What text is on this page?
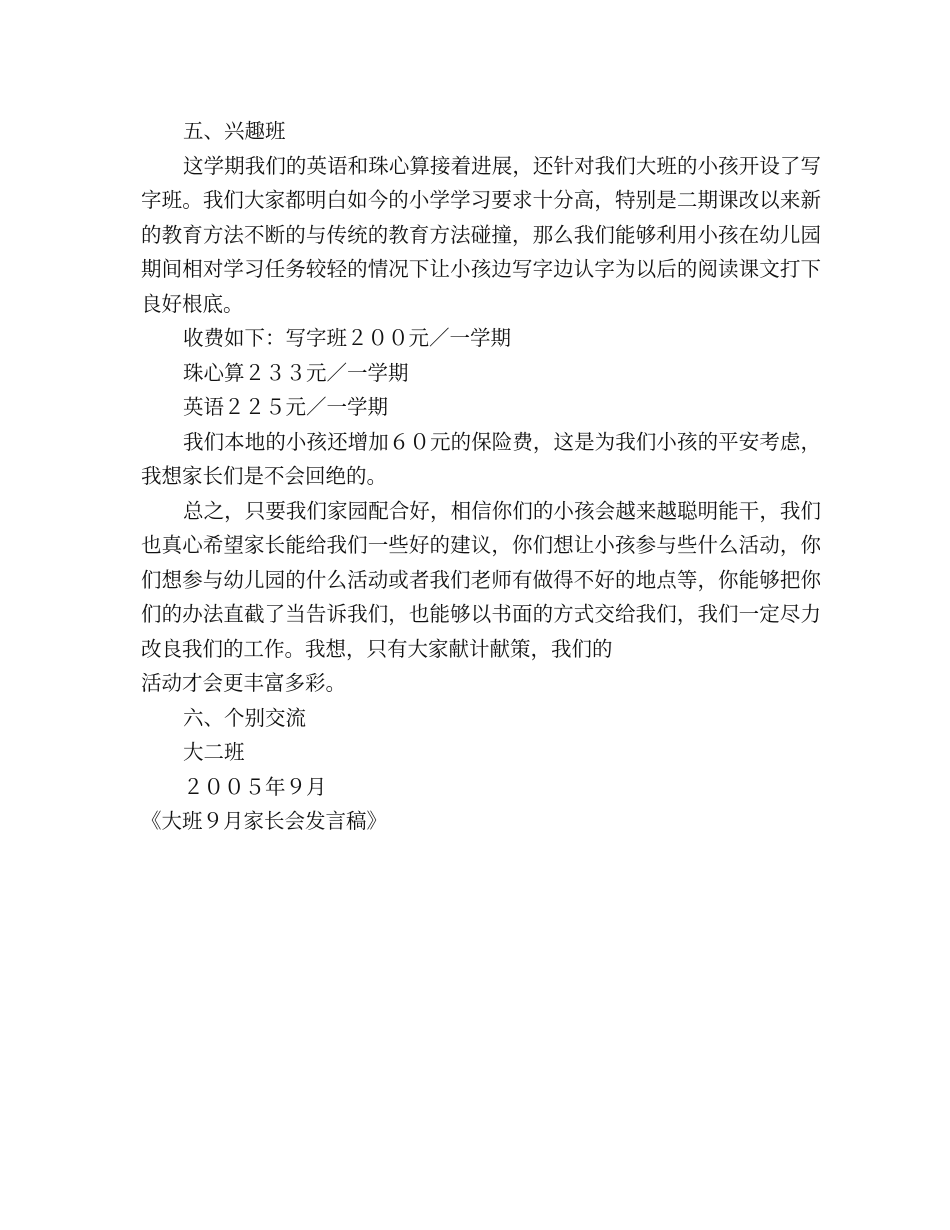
五、兴趣班

这学期我们的英语和珠心算接着进展，还针对我们大班的小孩开设了写字班。我们大家都明白如今的小学学习要求十分高，特别是二期课改以来新的教育方法不断的与传统的教育方法碰撞，那么我们能够利用小孩在幼儿园期间相对学习任务较轻的情况下让小孩边写字边认字为以后的阅读课文打下良好根底。

收费如下：写字班２００元／一学期

珠心算２３３元／一学期

英语２２５元／一学期

我们本地的小孩还增加６０元的保险费，这是为我们小孩的平安考虑，我想家长们是不会回绝的。

总之，只要我们家园配合好，相信你们的小孩会越来越聪明能干，我们也真心希望家长能给我们一些好的建议，你们想让小孩参与些什么活动，你们想参与幼儿园的什么活动或者我们老师有做得不好的地点等，你能够把你们的办法直截了当告诉我们，也能够以书面的方式交给我们，我们一定尽力改良我们的工作。我想，只有大家献计献策，我们的

活动才会更丰富多彩。

六、个别交流

大二班

２００５年９月

《大班９月家长会发言稿》
